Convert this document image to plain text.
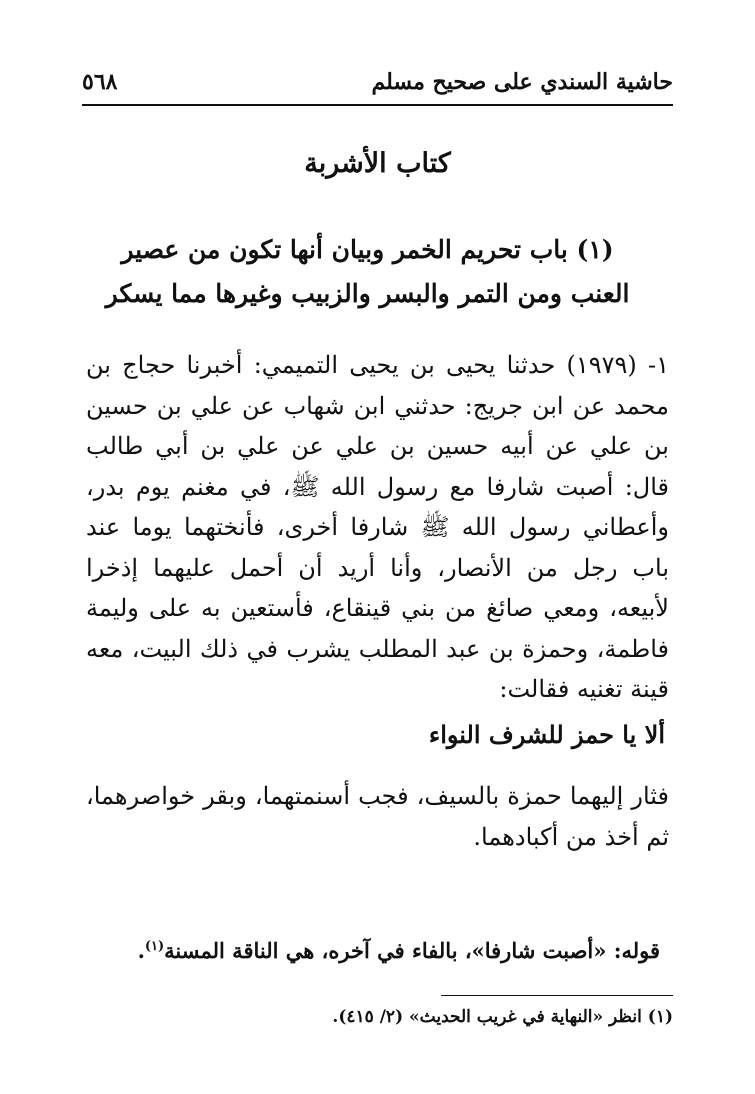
حاشية السندي على صحيح مسلم
٥٦٨
كتاب الأشربة
(١) باب تحريم الخمر وبيان أنها تكون من عصير العنب ومن التمر والبسر والزبيب وغيرها مما يسكر

١- (١٩٧٩) حدثنا يحيى بن يحيى التميمي: أخبرنا حجاج بن محمد عن ابن جريج: حدثني ابن شهاب عن علي بن حسين بن علي عن أبيه حسين بن علي عن علي بن أبي طالب قال: أصبت شارفا مع رسول الله ﷺ، في مغنم يوم بدر، وأعطاني رسول الله ﷺ شارفا أخرى، فأنختهما يوما عند باب رجل من الأنصار، وأنا أريد أن أحمل عليهما إذخرا لأبيعه، ومعي صائغ من بني قينقاع، فأستعين به على وليمة فاطمة، وحمزة بن عبد المطلب يشرب في ذلك البيت، معه قينة تغنيه فقالت:

ألا يا حمز للشرف النواء

فثار إليهما حمزة بالسيف، فجب أسنمتهما، وبقر خواصرهما، ثم أخذ من أكبادهما.

قوله: «أصبت شارفا»، بالفاء في آخره، هي الناقة المسنة$^{(١)}$.
(١) انظر «النهاية في غريب الحديث» (٢/ ٤١٥).
